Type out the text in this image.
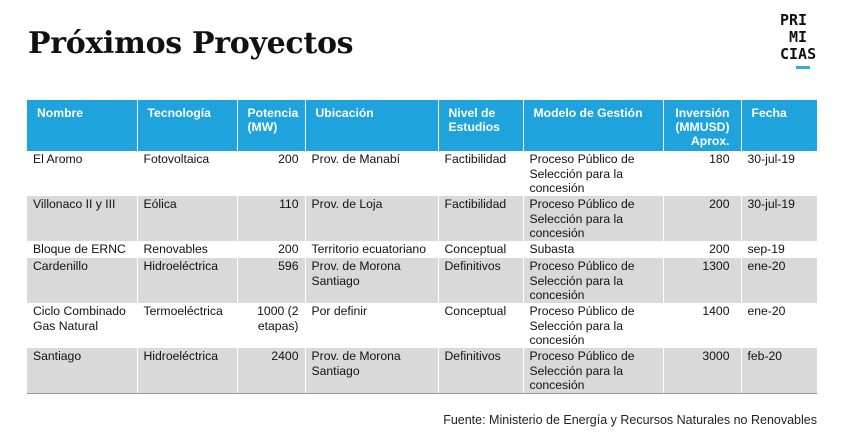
Próximos Proyectos
PRI
MI
CIAS
Nombre	Tecnología	Potencia (MW)	Ubicación	Nivel de Estudios	Modelo de Gestión	Inversión (MMUSD) Aprox.	Fecha
El Aromo	Fotovoltaica	200	Prov. de Manabí	Factibilidad	Proceso Público de Selección para la concesión	180	30-jul-19
Villonaco II y III	Eólica	110	Prov. de Loja	Factibilidad	Proceso Público de Selección para la concesión	200	30-jul-19
Bloque de ERNC	Renovables	200	Territorio ecuatoriano	Conceptual	Subasta	200	sep-19
Cardenillo	Hidroeléctrica	596	Prov. de Morona Santiago	Definitivos	Proceso Público de Selección para la concesión	1300	ene-20
Ciclo Combinado Gas Natural	Termoeléctrica	1000 (2 etapas)	Por definir	Conceptual	Proceso Público de Selección para la concesión	1400	ene-20
Santiago	Hidroeléctrica	2400	Prov. de Morona Santiago	Definitivos	Proceso Público de Selección para la concesión	3000	feb-20
Fuente: Ministerio de Energía y Recursos Naturales no Renovables
